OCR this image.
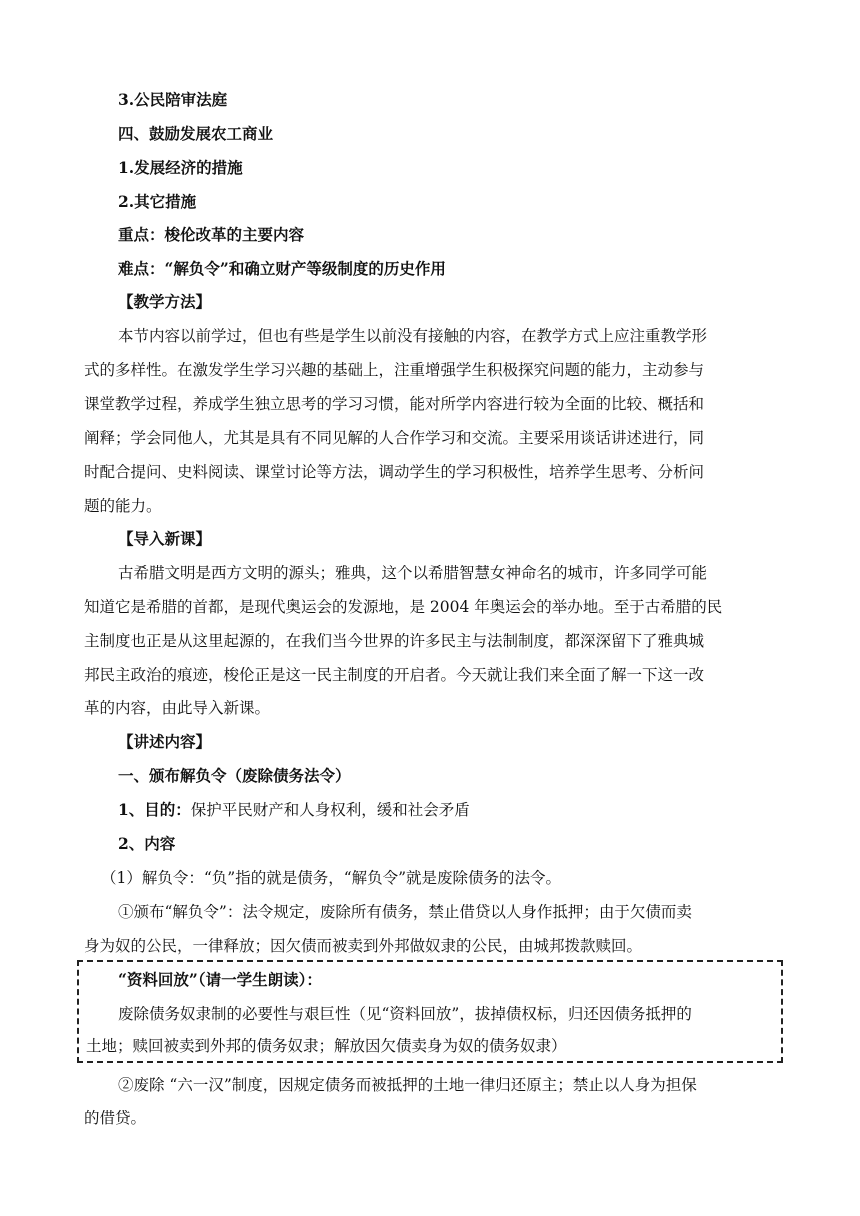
3.公民陪审法庭
四、鼓励发展农工商业
1.发展经济的措施
2.其它措施
重点：梭伦改革的主要内容
难点：“解负令”和确立财产等级制度的历史作用
【教学方法】
本节内容以前学过，但也有些是学生以前没有接触的内容，在教学方式上应注重教学形
式的多样性。在激发学生学习兴趣的基础上，注重增强学生积极探究问题的能力，主动参与
课堂教学过程，养成学生独立思考的学习习惯，能对所学内容进行较为全面的比较、概括和
阐释；学会同他人，尤其是具有不同见解的人合作学习和交流。主要采用谈话讲述进行，同
时配合提问、史料阅读、课堂讨论等方法，调动学生的学习积极性，培养学生思考、分析问
题的能力。
【导入新课】
古希腊文明是西方文明的源头；雅典，这个以希腊智慧女神命名的城市，许多同学可能
知道它是希腊的首都，是现代奥运会的发源地，是 2004 年奥运会的举办地。至于古希腊的民
主制度也正是从这里起源的，在我们当今世界的许多民主与法制制度，都深深留下了雅典城
邦民主政治的痕迹，梭伦正是这一民主制度的开启者。今天就让我们来全面了解一下这一改
革的内容，由此导入新课。
【讲述内容】
一、颁布解负令（废除债务法令）
1、目的：保护平民财产和人身权利，缓和社会矛盾
2、内容
（1）解负令：“负”指的就是债务，“解负令”就是废除债务的法令。
①颁布“解负令”：法令规定，废除所有债务，禁止借贷以人身作抵押；由于欠债而卖
身为奴的公民，一律释放；因欠债而被卖到外邦做奴隶的公民，由城邦拨款赎回。
“资料回放”（请一学生朗读）：
废除债务奴隶制的必要性与艰巨性（见“资料回放”，拔掉债权标，归还因债务抵押的
土地；赎回被卖到外邦的债务奴隶；解放因欠债卖身为奴的债务奴隶）
②废除 “六一汉”制度，因规定债务而被抵押的土地一律归还原主；禁止以人身为担保
的借贷。
